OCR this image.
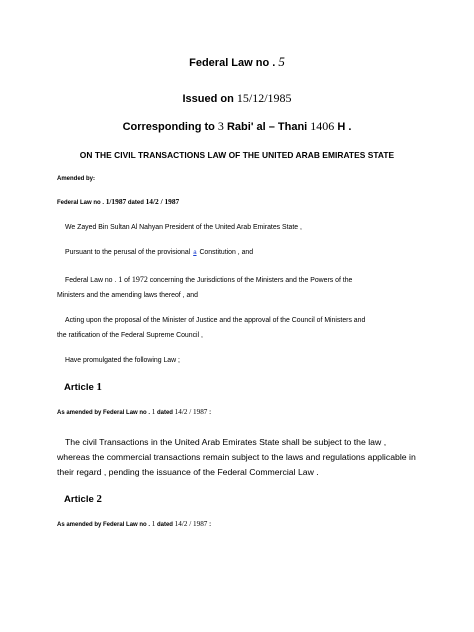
Federal Law no . 5
Issued on 15/12/1985
Corresponding to 3 Rabi' al – Thani 1406 H .
ON THE CIVIL TRANSACTIONS LAW OF THE UNITED ARAB EMIRATES STATE
Amended by:
Federal Law no . 1/1987 dated 14/2 / 1987
We Zayed Bin Sultan Al Nahyan President of the United Arab Emirates State ,
Pursuant to the perusal of the provisional a Constitution , and
Federal Law no . 1 of 1972 concerning the Jurisdictions of the Ministers and the Powers of the
Ministers and the amending laws thereof , and
Acting upon the proposal of the Minister of Justice and the approval of the Council of Ministers and
the ratification of the Federal Supreme Council ,
Have promulgated the following Law ;
Article 1
As amended by Federal Law no . 1 dated 14/2 / 1987 :
The civil Transactions in the United Arab Emirates State shall be subject to the law ,
whereas the commercial transactions remain subject to the laws and regulations applicable in
their regard , pending the issuance of the Federal Commercial Law .
Article 2
As amended by Federal Law no . 1 dated 14/2 / 1987 :
